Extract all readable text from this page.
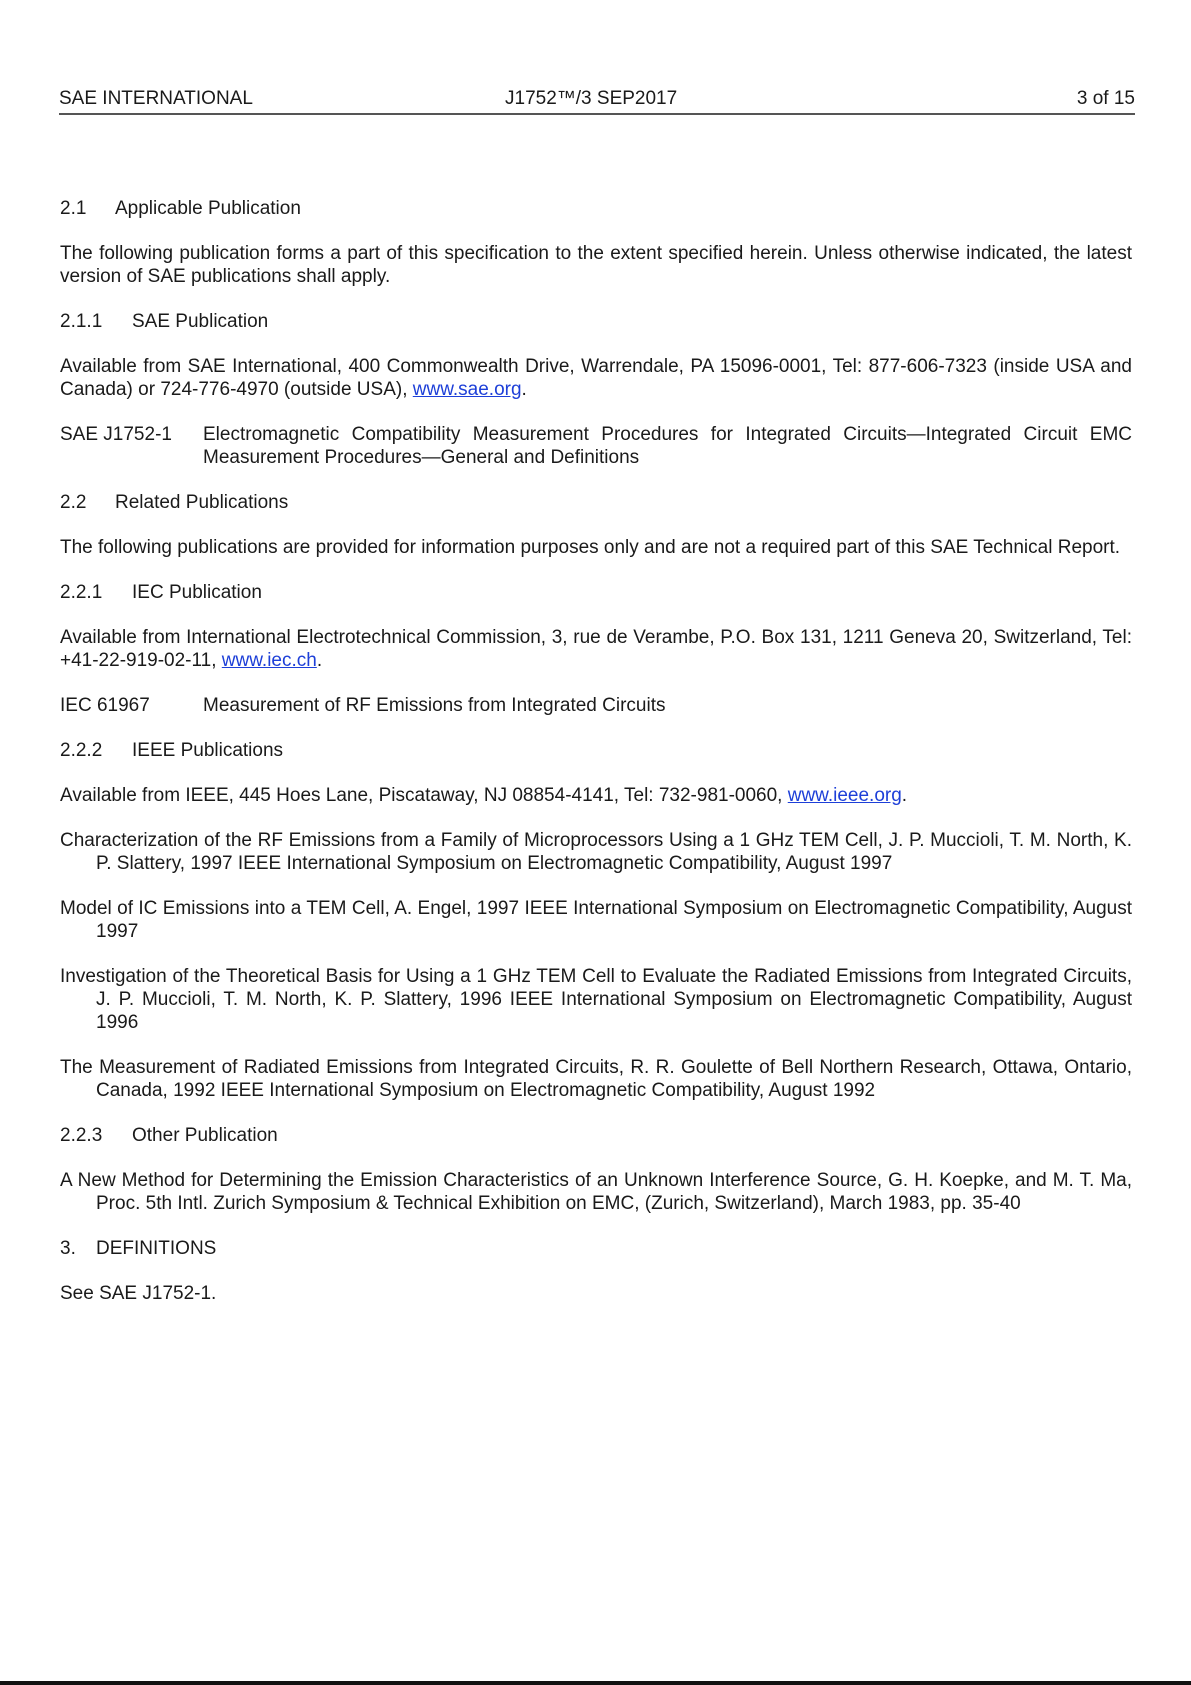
SAE INTERNATIONAL	J1752™/3 SEP2017	3 of 15
2.1 Applicable Publication
The following publication forms a part of this specification to the extent specified herein. Unless otherwise indicated, the latest version of SAE publications shall apply.
2.1.1 SAE Publication
Available from SAE International, 400 Commonwealth Drive, Warrendale, PA 15096-0001, Tel: 877-606-7323 (inside USA and Canada) or 724-776-4970 (outside USA), www.sae.org.
SAE J1752-1	Electromagnetic Compatibility Measurement Procedures for Integrated Circuits—Integrated Circuit EMC Measurement Procedures—General and Definitions
2.2 Related Publications
The following publications are provided for information purposes only and are not a required part of this SAE Technical Report.
2.2.1 IEC Publication
Available from International Electrotechnical Commission, 3, rue de Verambe, P.O. Box 131, 1211 Geneva 20, Switzerland, Tel: +41-22-919-02-11, www.iec.ch.
IEC 61967	Measurement of RF Emissions from Integrated Circuits
2.2.2 IEEE Publications
Available from IEEE, 445 Hoes Lane, Piscataway, NJ 08854-4141, Tel: 732-981-0060, www.ieee.org.
Characterization of the RF Emissions from a Family of Microprocessors Using a 1 GHz TEM Cell, J. P. Muccioli, T. M. North, K. P. Slattery, 1997 IEEE International Symposium on Electromagnetic Compatibility, August 1997
Model of IC Emissions into a TEM Cell, A. Engel, 1997 IEEE International Symposium on Electromagnetic Compatibility, August 1997
Investigation of the Theoretical Basis for Using a 1 GHz TEM Cell to Evaluate the Radiated Emissions from Integrated Circuits, J. P. Muccioli, T. M. North, K. P. Slattery, 1996 IEEE International Symposium on Electromagnetic Compatibility, August 1996
The Measurement of Radiated Emissions from Integrated Circuits, R. R. Goulette of Bell Northern Research, Ottawa, Ontario, Canada, 1992 IEEE International Symposium on Electromagnetic Compatibility, August 1992
2.2.3 Other Publication
A New Method for Determining the Emission Characteristics of an Unknown Interference Source, G. H. Koepke, and M. T. Ma, Proc. 5th Intl. Zurich Symposium & Technical Exhibition on EMC, (Zurich, Switzerland), March 1983, pp. 35-40
3. DEFINITIONS
See SAE J1752-1.
